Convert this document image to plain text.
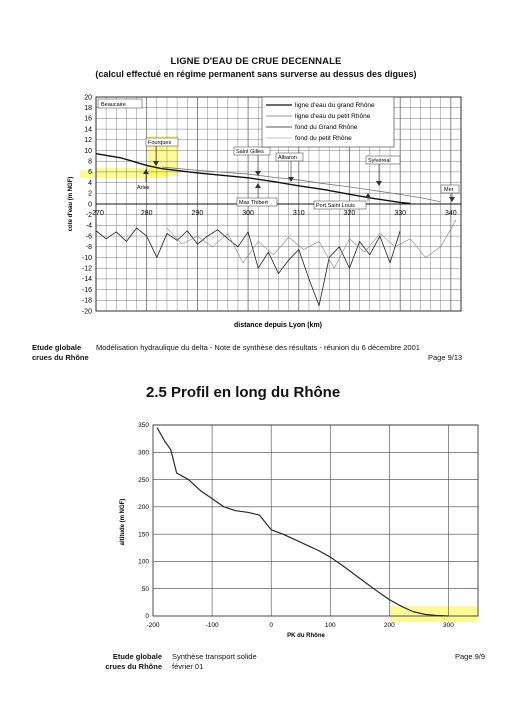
LIGNE D'EAU DE CRUE DECENNALE
(calcul effectué en régime permanent sans surverse au dessus des digues)
20
18
16
14
12
10
8
6
4
2
0
-2
-4
-6
-8
-10
-12
-14
-16
-18
-20
270	280	290	300	310	320	330	340
Beaucaire
Fourques
Arles
Saint Gilles
Albaron
Mas Thibert	Port Saint Louis
Sylvéréal
Mer
ligne d'eau du grand Rhône
ligne d'eau du petit Rhône
fond du Grand Rhône
fond du petit Rhône
cote d'eau (m NGF)
distance depuis Lyon (km)
350
300
250
200
150
100
50
0
-200	-100	0	100	200	300
altitude (m NGF)
PK du Rhône
Etude globale
crues du Rhône
Modélisation hydraulique du delta - Note de synthèse des résultats - réunion du 6 décembre 2001
Page 9/13
2.5 Profil en long du Rhône
Etude globale
crues du Rhône
Synthèse transport solide
février 01
Page 9/9
